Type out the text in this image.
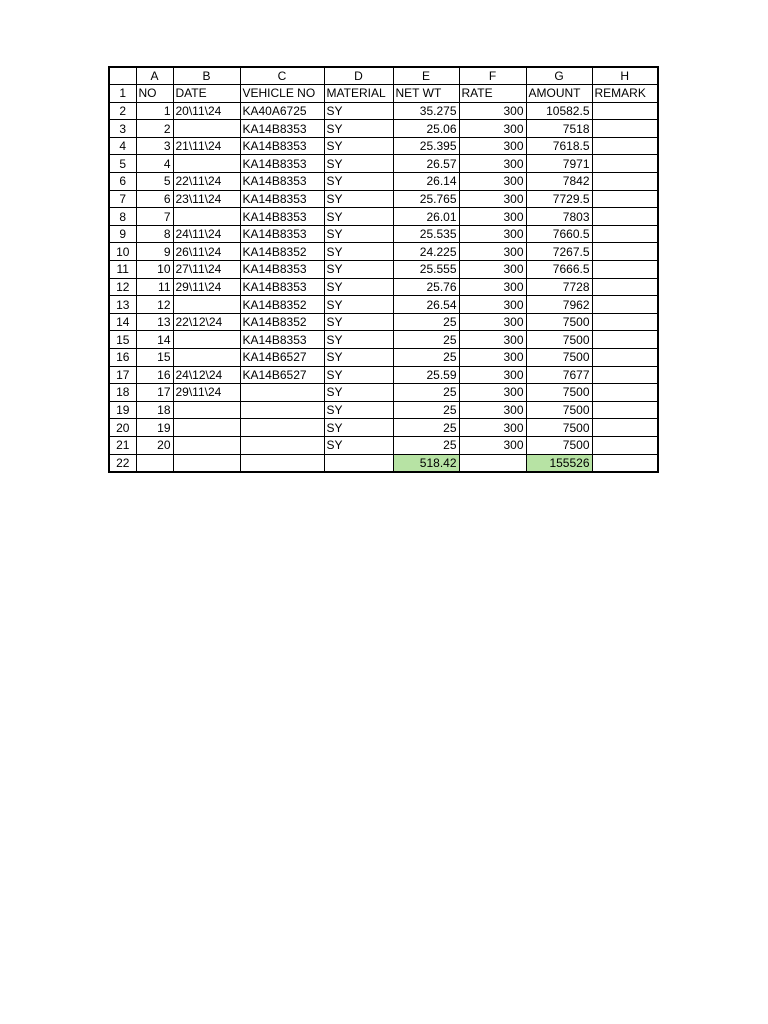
	A	B	C	D	E	F	G	H
1	NO	DATE	VEHICLE NO	MATERIAL	NET WT	RATE	AMOUNT	REMARK
2	1	20\11\24	KA40A6725	SY	35.275	300	10582.5	
3	2		KA14B8353	SY	25.06	300	7518	
4	3	21\11\24	KA14B8353	SY	25.395	300	7618.5	
5	4		KA14B8353	SY	26.57	300	7971	
6	5	22\11\24	KA14B8353	SY	26.14	300	7842	
7	6	23\11\24	KA14B8353	SY	25.765	300	7729.5	
8	7		KA14B8353	SY	26.01	300	7803	
9	8	24\11\24	KA14B8353	SY	25.535	300	7660.5	
10	9	26\11\24	KA14B8352	SY	24.225	300	7267.5	
11	10	27\11\24	KA14B8353	SY	25.555	300	7666.5	
12	11	29\11\24	KA14B8353	SY	25.76	300	7728	
13	12		KA14B8352	SY	26.54	300	7962	
14	13	22\12\24	KA14B8352	SY	25	300	7500	
15	14		KA14B8353	SY	25	300	7500	
16	15		KA14B6527	SY	25	300	7500	
17	16	24\12\24	KA14B6527	SY	25.59	300	7677	
18	17	29\11\24		SY	25	300	7500	
19	18			SY	25	300	7500	
20	19			SY	25	300	7500	
21	20			SY	25	300	7500	
22					518.42		155526	
